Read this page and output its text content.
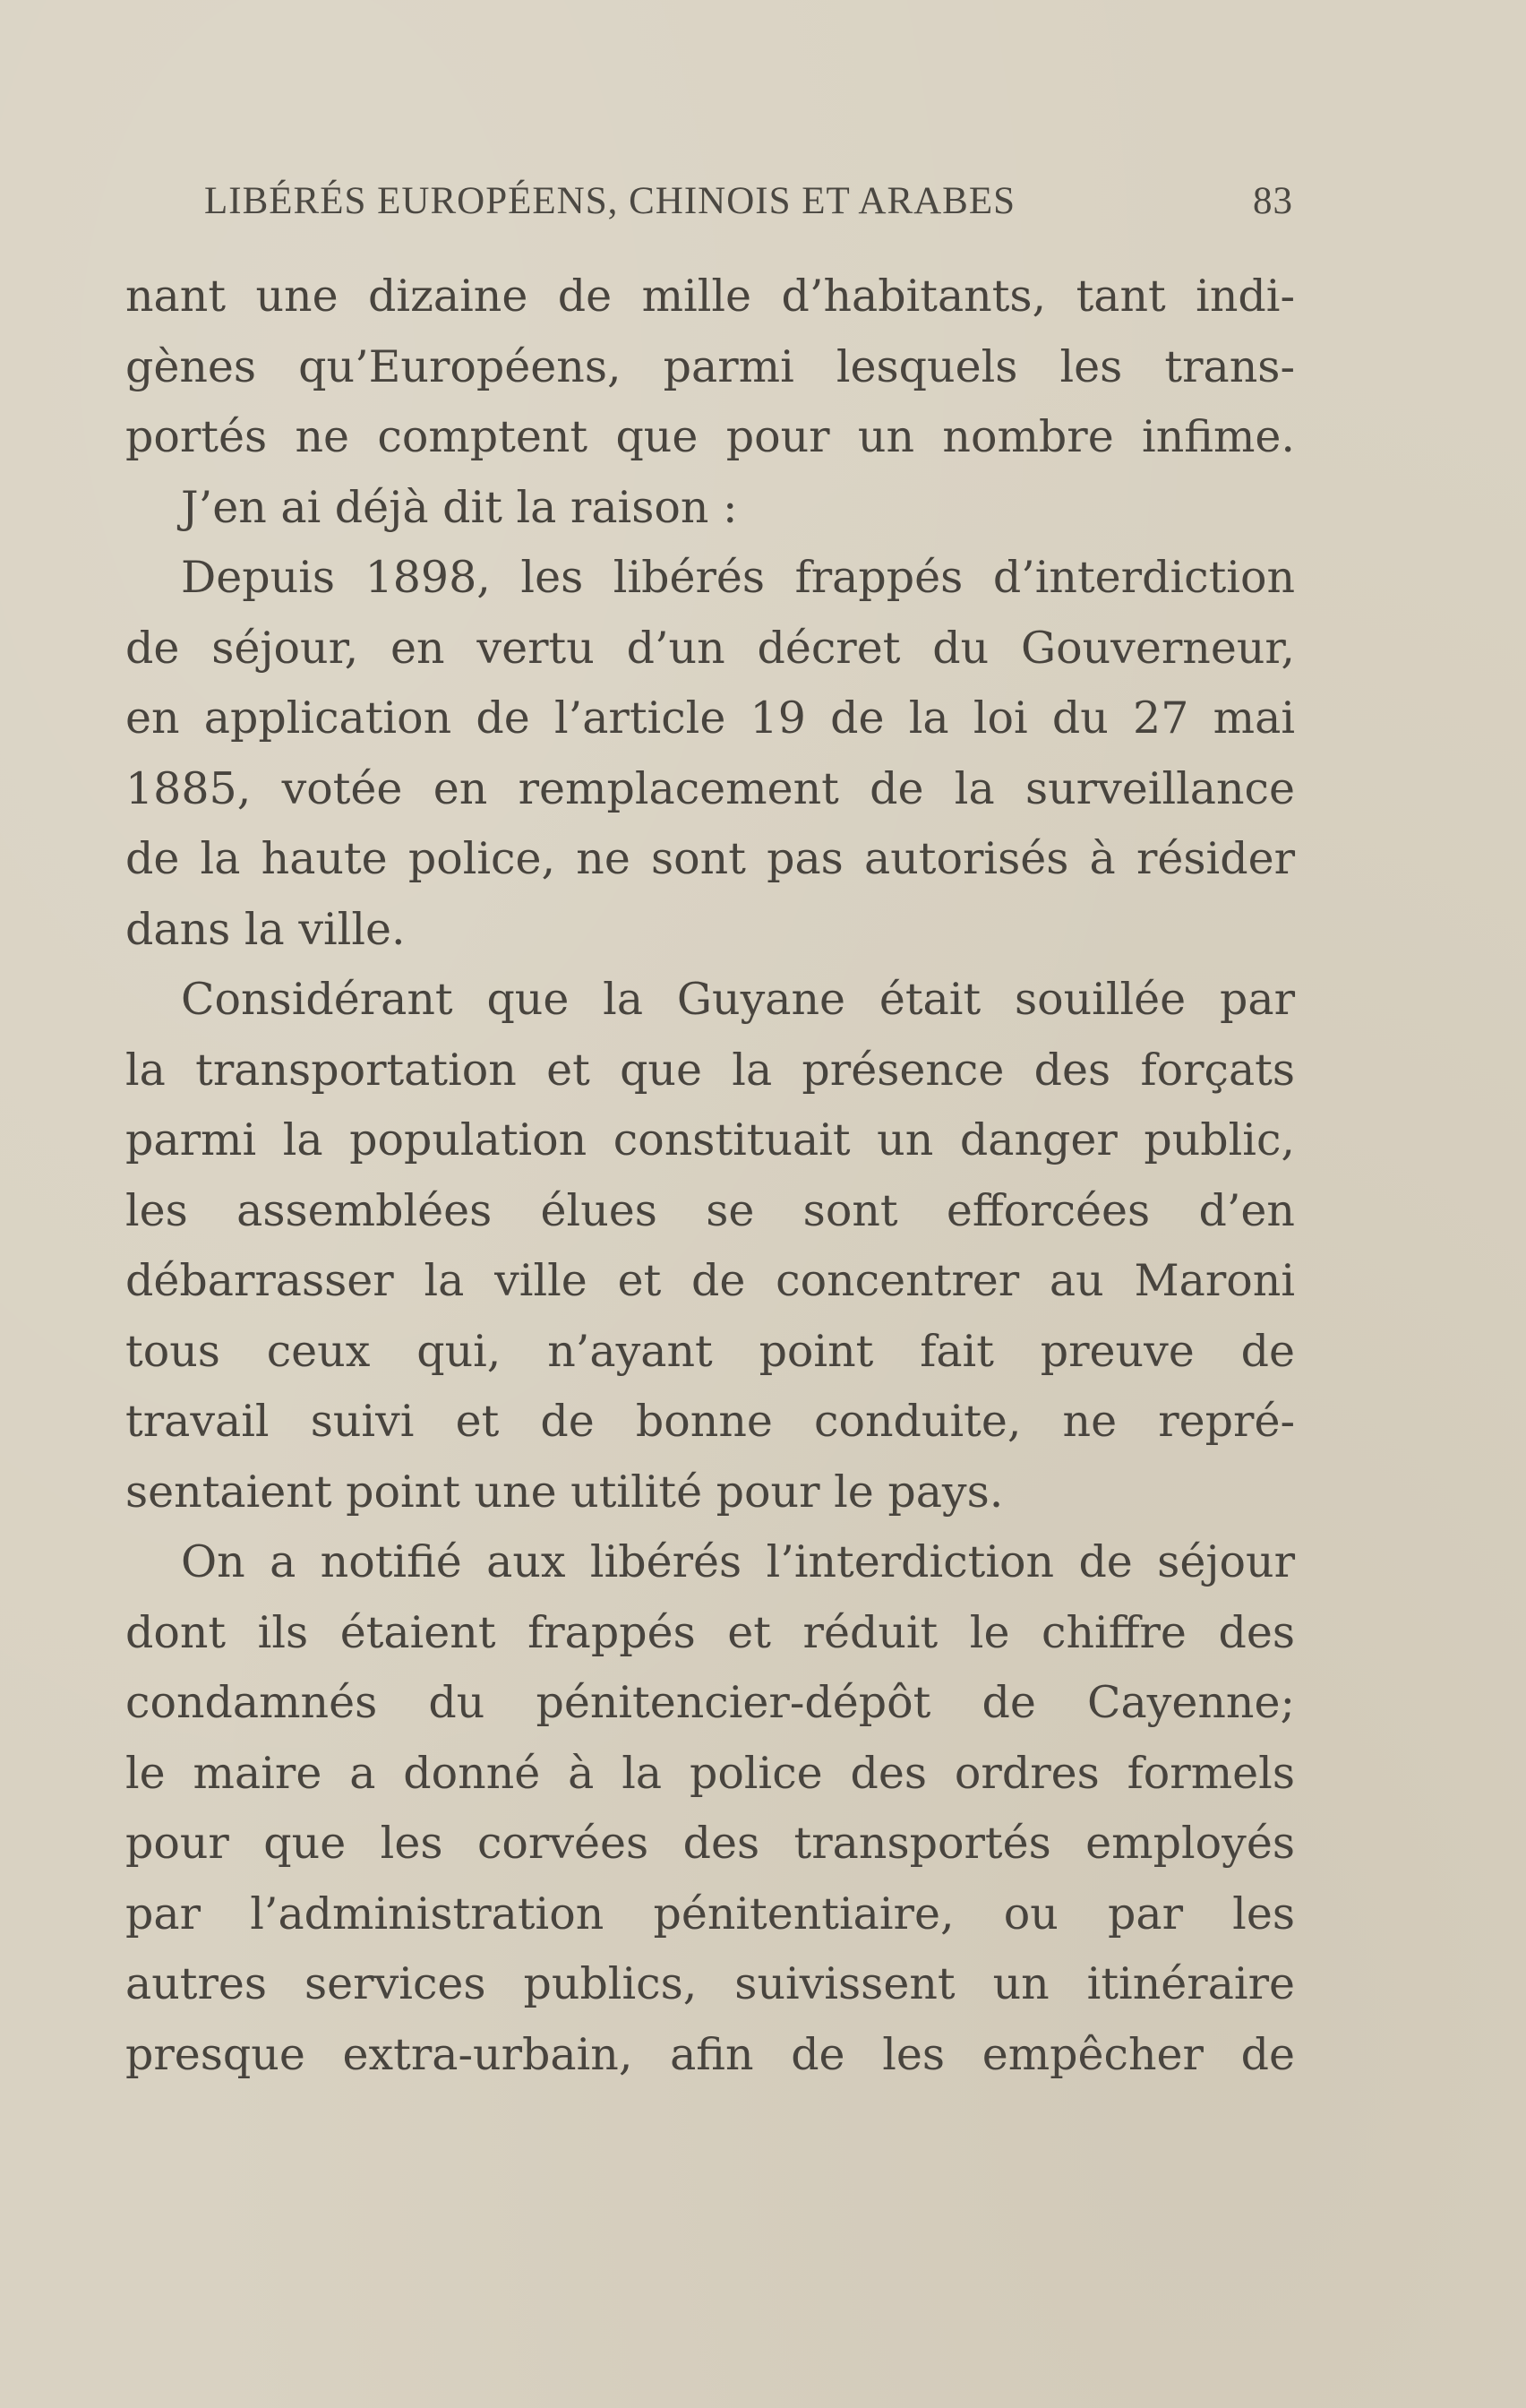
LIBÉRÉS EUROPÉENS, CHINOIS ET ARABES	83
nant une dizaine de mille d’habitants, tant indi-
gènes qu’Européens, parmi lesquels les trans-
portés ne comptent que pour un nombre infime.
J’en ai déjà dit la raison :
Depuis 1898, les libérés frappés d’interdiction
de séjour, en vertu d’un décret du Gouverneur,
en application de l’article 19 de la loi du 27 mai
1885, votée en remplacement de la surveillance
de la haute police, ne sont pas autorisés à résider
dans la ville.
Considérant que la Guyane était souillée par
la transportation et que la présence des forçats
parmi la population constituait un danger public,
les assemblées élues se sont efforcées d’en
débarrasser la ville et de concentrer au Maroni
tous ceux qui, n’ayant point fait preuve de
travail suivi et de bonne conduite, ne repré-
sentaient point une utilité pour le pays.
On a notifié aux libérés l’interdiction de séjour
dont ils étaient frappés et réduit le chiffre des
condamnés du pénitencier-dépôt de Cayenne;
le maire a donné à la police des ordres formels
pour que les corvées des transportés employés
par l’administration pénitentiaire, ou par les
autres services publics, suivissent un itinéraire
presque extra-urbain, afin de les empêcher de
